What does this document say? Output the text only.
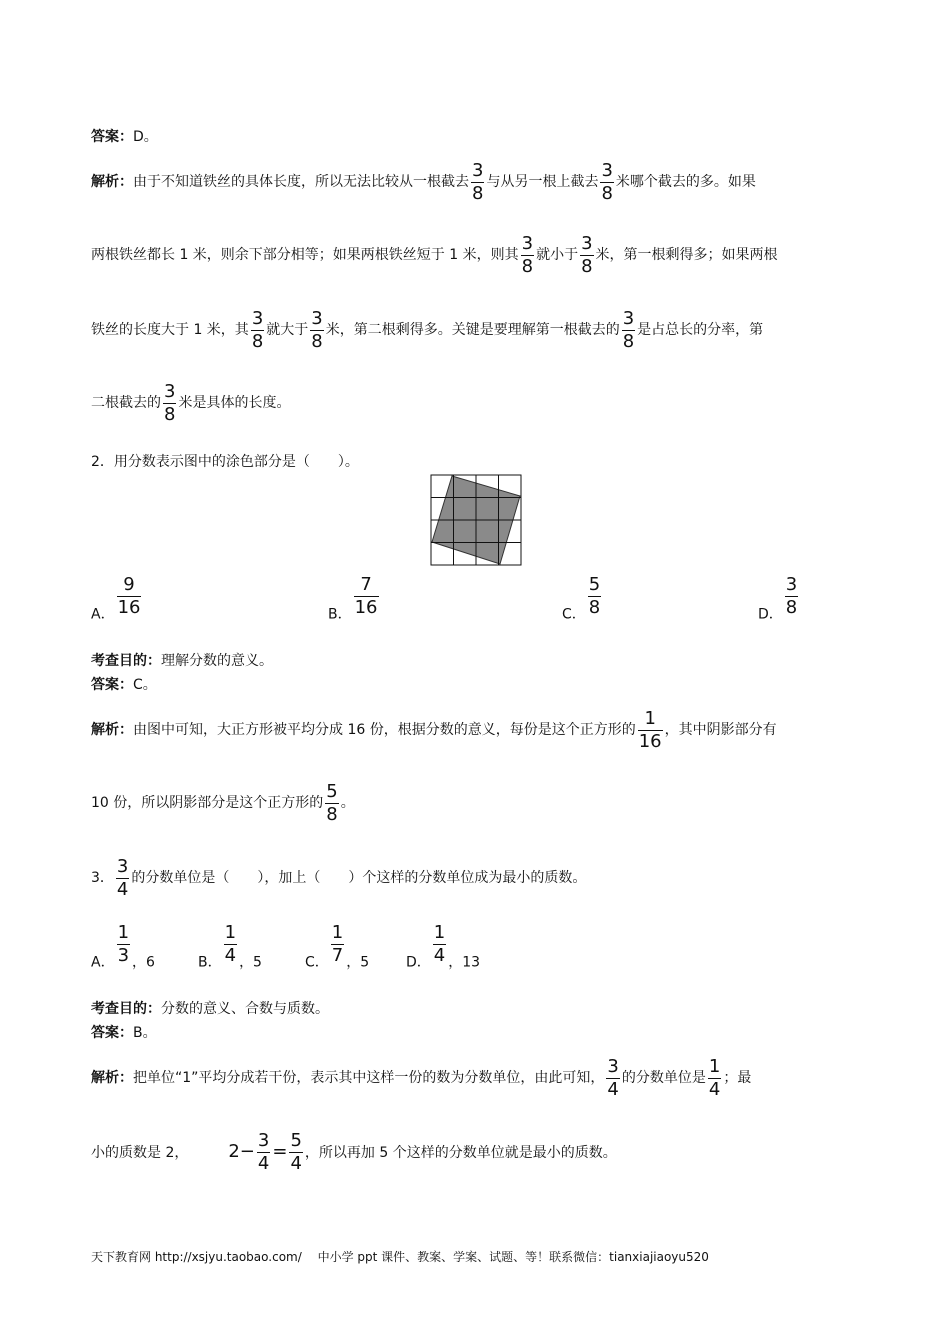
答案：D。
解析：由于不知道铁丝的具体长度，所以无法比较从一根截去 $\frac{3}{8}$ 与从另一根上截去 $\frac{3}{8}$ 米哪个截去的多。如果
两根铁丝都长 1 米，则余下部分相等；如果两根铁丝短于 1 米，则其 $\frac{3}{8}$ 就小于 $\frac{3}{8}$ 米，第一根剩得多；如果两根
铁丝的长度大于 1 米，其 $\frac{3}{8}$ 就大于 $\frac{3}{8}$ 米，第二根剩得多。关键是要理解第一根截去的 $\frac{3}{8}$ 是占总长的分率，第
二根截去的 $\frac{3}{8}$ 米是具体的长度。
2．用分数表示图中的涂色部分是（　　）。
A． $\frac{9}{16}$	B． $\frac{7}{16}$	C． $\frac{5}{8}$	D． $\frac{3}{8}$
考查目的：理解分数的意义。
答案：C。
解析：由图中可知，大正方形被平均分成 16 份，根据分数的意义，每份是这个正方形的 $\frac{1}{16}$ ，其中阴影部分有
10 份，所以阴影部分是这个正方形的 $\frac{5}{8}$ 。
3． $\frac{3}{4}$ 的分数单位是（　　），加上（　　）个这样的分数单位成为最小的质数。
A． $\frac{1}{3}$ ，6	B． $\frac{1}{4}$ ，5	C． $\frac{1}{7}$ ，5	D． $\frac{1}{4}$ ，13
考查目的：分数的意义、合数与质数。
答案：B。
解析：把单位“1”平均分成若干份，表示其中这样一份的数为分数单位，由此可知， $\frac{3}{4}$ 的分数单位是 $\frac{1}{4}$ ；最
小的质数是 2， $2- \frac{3}{4} = \frac{5}{4}$ ，所以再加 5 个这样的分数单位就是最小的质数。
天下教育网 http://xsjyu.taobao.com/　 中小学 ppt 课件、教案、学案、试题、等！联系微信：tianxiajiaoyu520
